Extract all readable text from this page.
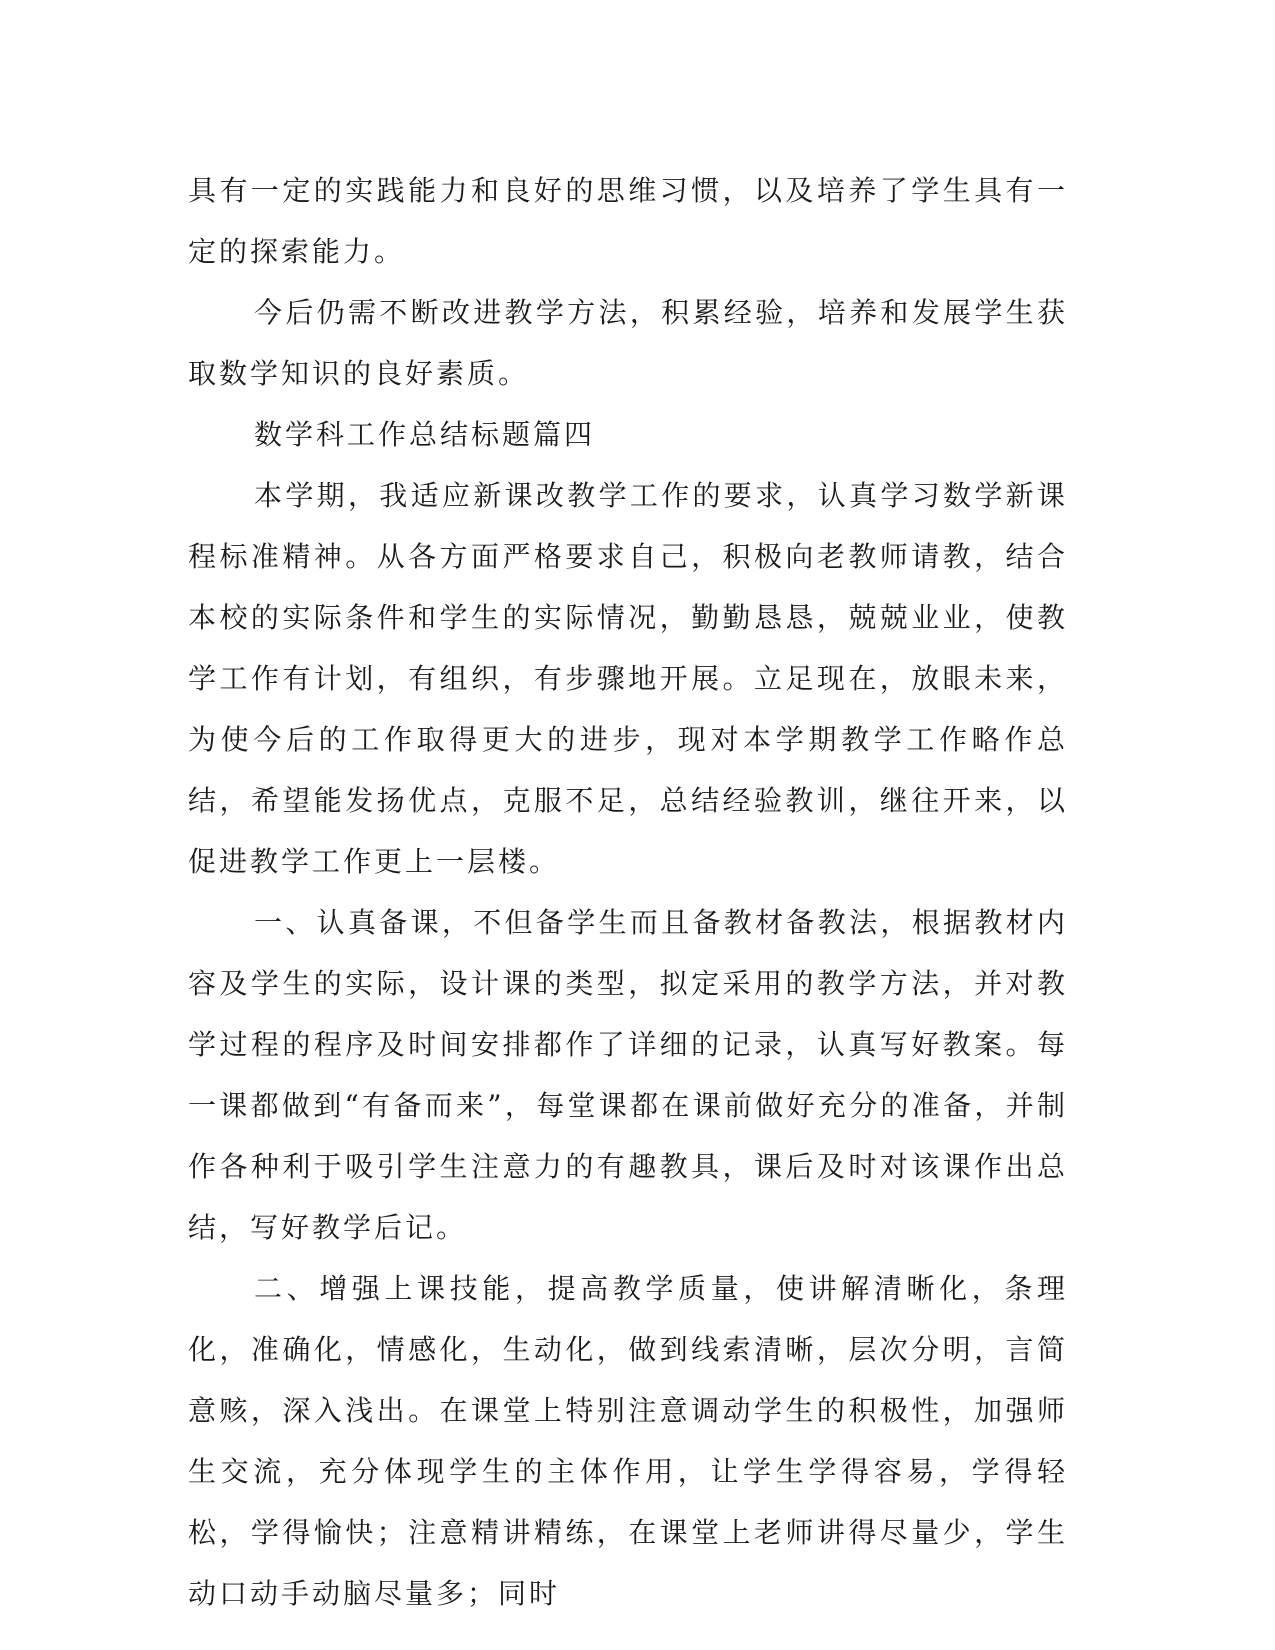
具有一定的实践能力和良好的思维习惯，以及培养了学生具有一定的探索能力。

今后仍需不断改进教学方法，积累经验，培养和发展学生获取数学知识的良好素质。

数学科工作总结标题篇四

本学期，我适应新课改教学工作的要求，认真学习数学新课程标准精神。从各方面严格要求自己，积极向老教师请教，结合本校的实际条件和学生的实际情况，勤勤恳恳，兢兢业业，使教学工作有计划，有组织，有步骤地开展。立足现在，放眼未来，为使今后的工作取得更大的进步，现对本学期教学工作略作总结，希望能发扬优点，克服不足，总结经验教训，继往开来，以促进教学工作更上一层楼。

一、认真备课，不但备学生而且备教材备教法，根据教材内容及学生的实际，设计课的类型，拟定采用的教学方法，并对教学过程的程序及时间安排都作了详细的记录，认真写好教案。每一课都做到“有备而来”，每堂课都在课前做好充分的准备，并制作各种利于吸引学生注意力的有趣教具，课后及时对该课作出总结，写好教学后记。

二、增强上课技能，提高教学质量，使讲解清晰化，条理化，准确化，情感化，生动化，做到线索清晰，层次分明，言简意赅，深入浅出。在课堂上特别注意调动学生的积极性，加强师生交流，充分体现学生的主体作用，让学生学得容易，学得轻松，学得愉快；注意精讲精练，在课堂上老师讲得尽量少，学生动口动手动脑尽量多；同时
